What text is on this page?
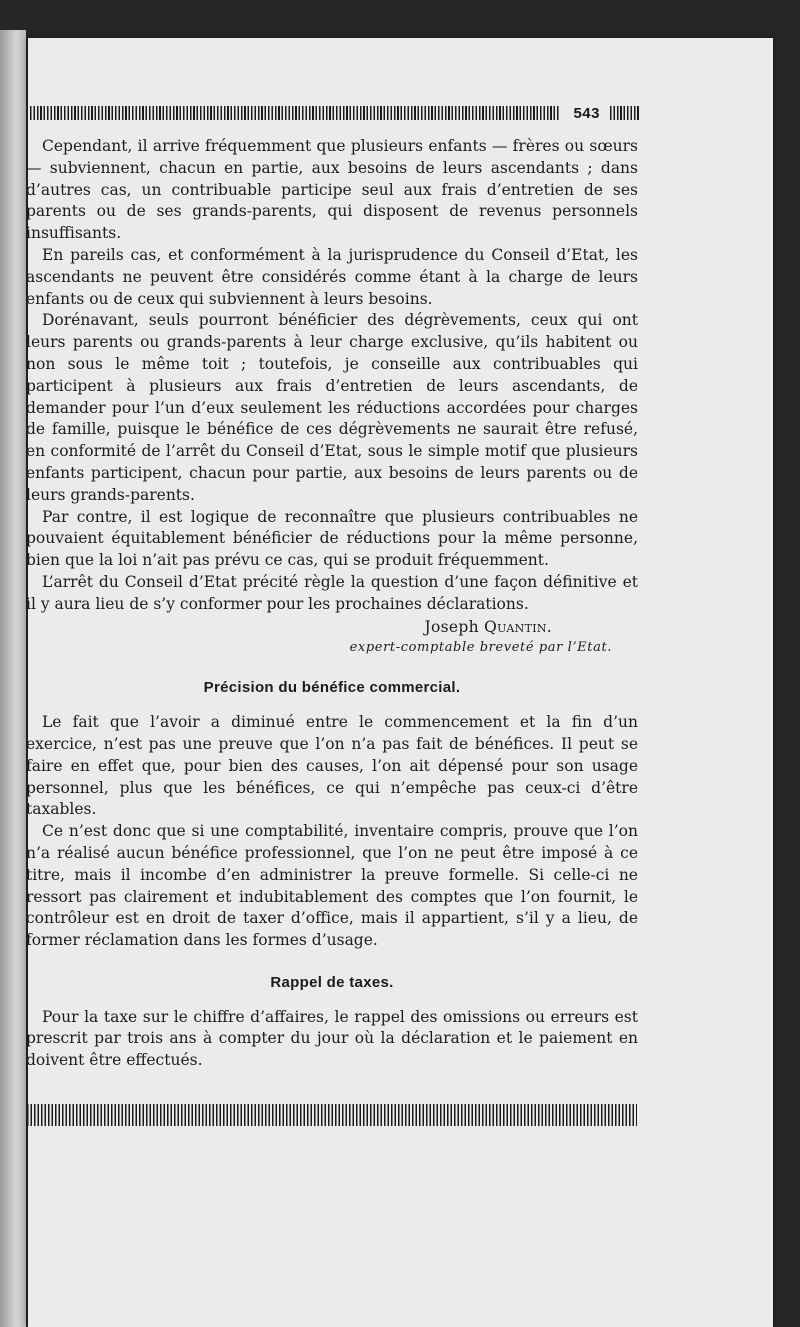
543

Cependant, il arrive fréquemment que plusieurs enfants — frères ou sœurs — subviennent, chacun en partie, aux besoins de leurs ascendants ; dans d’autres cas, un contribuable participe seul aux frais d’entretien de ses parents ou de ses grands-parents, qui disposent de revenus personnels insuffisants.

En pareils cas, et conformément à la jurisprudence du Conseil d’Etat, les ascendants ne peuvent être considérés comme étant à la charge de leurs enfants ou de ceux qui subviennent à leurs besoins.

Dorénavant, seuls pourront bénéficier des dégrèvements, ceux qui ont leurs parents ou grands-parents à leur charge exclusive, qu’ils habitent ou non sous le même toit ; toutefois, je conseille aux contribuables qui participent à plusieurs aux frais d’entretien de leurs ascendants, de demander pour l’un d’eux seulement les réductions accordées pour charges de famille, puisque le bénéfice de ces dégrèvements ne saurait être refusé, en conformité de l’arrêt du Conseil d’Etat, sous le simple motif que plusieurs enfants participent, chacun pour partie, aux besoins de leurs parents ou de leurs grands-parents.

Par contre, il est logique de reconnaître que plusieurs contribuables ne pouvaient équitablement bénéficier de réductions pour la même personne, bien que la loi n’ait pas prévu ce cas, qui se produit fréquemment.

L’arrêt du Conseil d’Etat précité règle la question d’une façon définitive et il y aura lieu de s’y conformer pour les prochaines déclarations.

Joseph Quantin.
expert-comptable breveté par l’Etat.
Précision du bénéfice commercial.

Le fait que l’avoir a diminué entre le commencement et la fin d’un exercice, n’est pas une preuve que l’on n’a pas fait de bénéfices. Il peut se faire en effet que, pour bien des causes, l’on ait dépensé pour son usage personnel, plus que les bénéfices, ce qui n’empêche pas ceux-ci d’être taxables.

Ce n’est donc que si une comptabilité, inventaire compris, prouve que l’on n’a réalisé aucun bénéfice professionnel, que l’on ne peut être imposé à ce titre, mais il incombe d’en administrer la preuve formelle. Si celle-ci ne ressort pas clairement et indubitablement des comptes que l’on fournit, le contrôleur est en droit de taxer d’office, mais il appartient, s’il y a lieu, de former réclamation dans les formes d’usage.

Rappel de taxes.

Pour la taxe sur le chiffre d’affaires, le rappel des omissions ou erreurs est prescrit par trois ans à compter du jour où la déclaration et le paiement en doivent être effectués.
